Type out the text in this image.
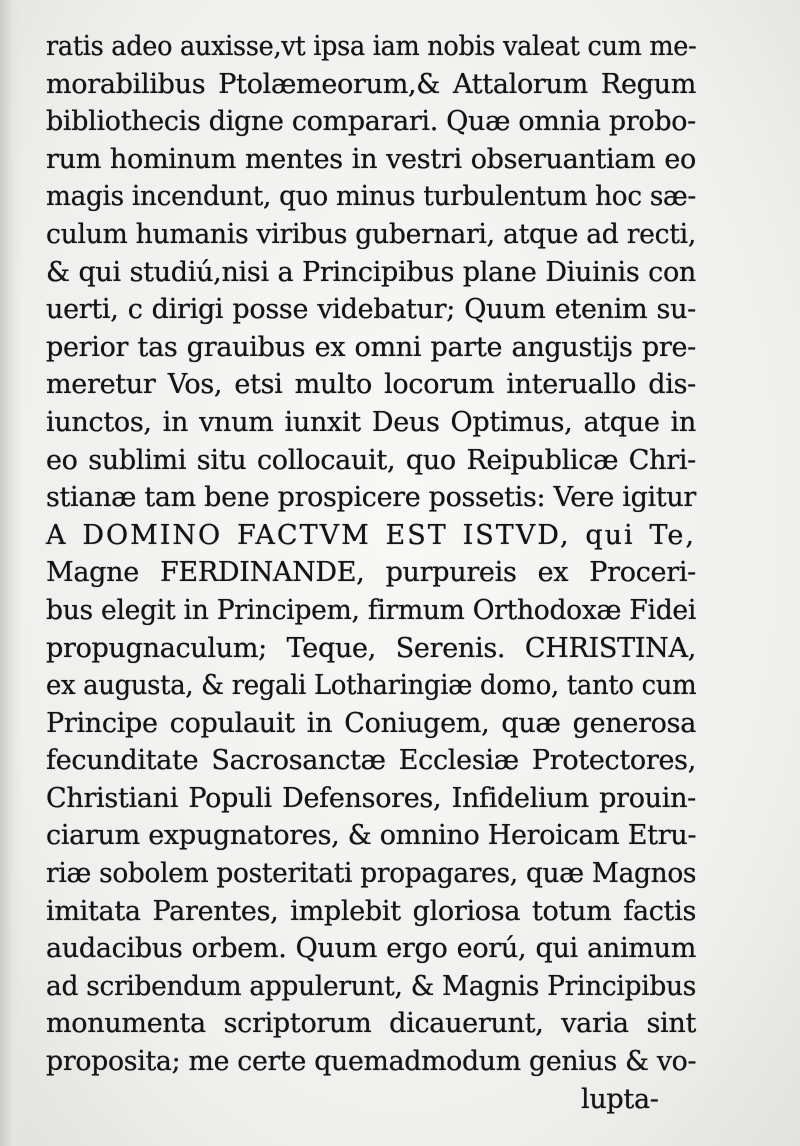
ratis adeo auxisse,vt ipsa iam nobis valeat cum me-
morabilibus Ptolæmeorum,& Attalorum Regum
bibliothecis digne comparari. Quæ omnia probo-
rum hominum mentes in vestri obseruantiam eo
magis incendunt, quo minus turbulentum hoc sæ-
culum humanis viribus gubernari, atque ad recti,
& qui studiú,nisi a Principibus plane Diuinis con
uerti, c dirigi posse videbatur; Quum etenim su-
perior tas grauibus ex omni parte angustijs pre-
meretur Vos, etsi multo locorum interuallo dis-
iunctos, in vnum iunxit Deus Optimus, atque in
eo sublimi situ collocauit, quo Reipublicæ Chri-
stianæ tam bene prospicere possetis: Vere igitur
A DOMINO FACTVM EST ISTVD, qui Te,
Magne FERDINANDE, purpureis ex Proceri-
bus elegit in Principem, firmum Orthodoxæ Fidei
propugnaculum; Teque, Serenis. CHRISTINA,
ex augusta, & regali Lotharingiæ domo, tanto cum
Principe copulauit in Coniugem, quæ generosa
fecunditate Sacrosanctæ Ecclesiæ Protectores,
Christiani Populi Defensores, Infidelium prouin-
ciarum expugnatores, & omnino Heroicam Etru-
riæ sobolem posteritati propagares, quæ Magnos
imitata Parentes, implebit gloriosa totum factis
audacibus orbem. Quum ergo eorú, qui animum
ad scribendum appulerunt, & Magnis Principibus
monumenta scriptorum dicauerunt, varia sint
proposita; me certe quemadmodum genius & vo-
lupta-
